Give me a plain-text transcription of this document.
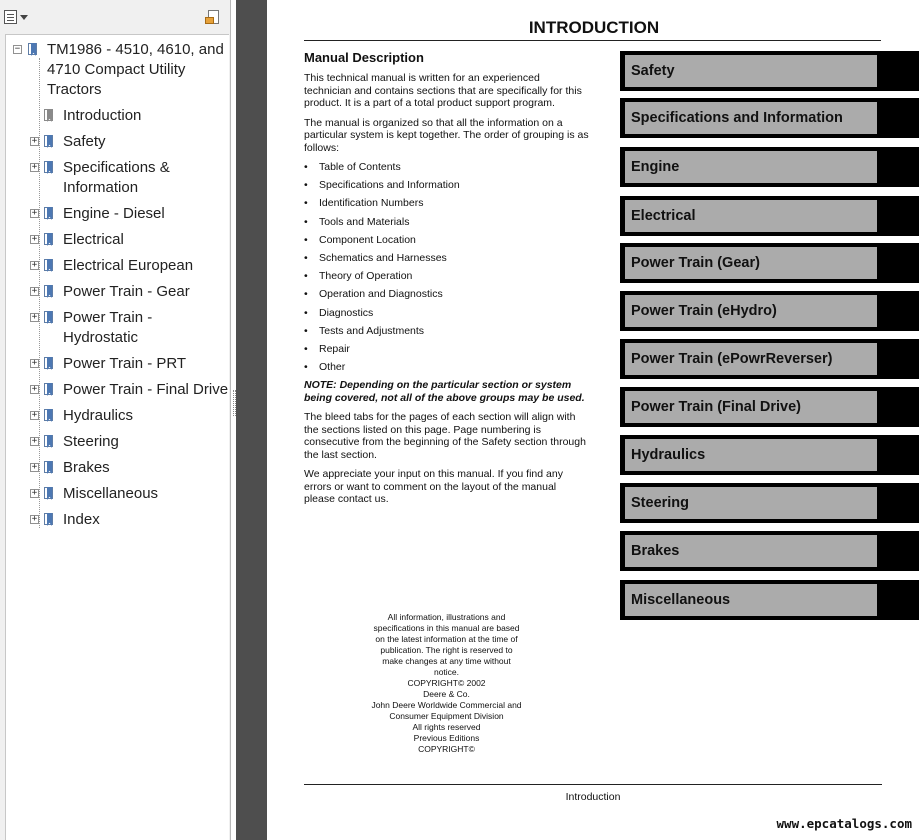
− TM1986 - 4510, 4610, and
4710 Compact Utility
Tractors
Introduction
+ Safety
+ Specifications &
Information
+ Engine - Diesel
+ Electrical
+ Electrical European
+ Power Train - Gear
+ Power Train -
Hydrostatic
+ Power Train - PRT
+ Power Train - Final Drive
+ Hydraulics
+ Steering
+ Brakes
+ Miscellaneous
+ Index
INTRODUCTION
Manual Description

This technical manual is written for an experienced technician and contains sections that are specifically for this product. It is a part of a total product support program.

The manual is organized so that all the information on a particular system is kept together. The order of grouping is as follows:

• Table of Contents
• Specifications and Information
• Identification Numbers
• Tools and Materials
• Component Location
• Schematics and Harnesses
• Theory of Operation
• Operation and Diagnostics
• Diagnostics
• Tests and Adjustments
• Repair
• Other

NOTE: Depending on the particular section or system being covered, not all of the above groups may be used.

The bleed tabs for the pages of each section will align with the sections listed on this page. Page numbering is consecutive from the beginning of the Safety section through the last section.

We appreciate your input on this manual. If you find any errors or want to comment on the layout of the manual please contact us.

All information, illustrations and
specifications in this manual are based
on the latest information at the time of
publication. The right is reserved to
make changes at any time without
notice.
COPYRIGHT© 2002
Deere & Co.
John Deere Worldwide Commercial and
Consumer Equipment Division
All rights reserved
Previous Editions
COPYRIGHT©
Introduction
www.epcatalogs.com
Safety
Specifications and Information
Engine
Electrical
Power Train (Gear)
Power Train (eHydro)
Power Train (ePowrReverser)
Power Train (Final Drive)
Hydraulics
Steering
Brakes
Miscellaneous
